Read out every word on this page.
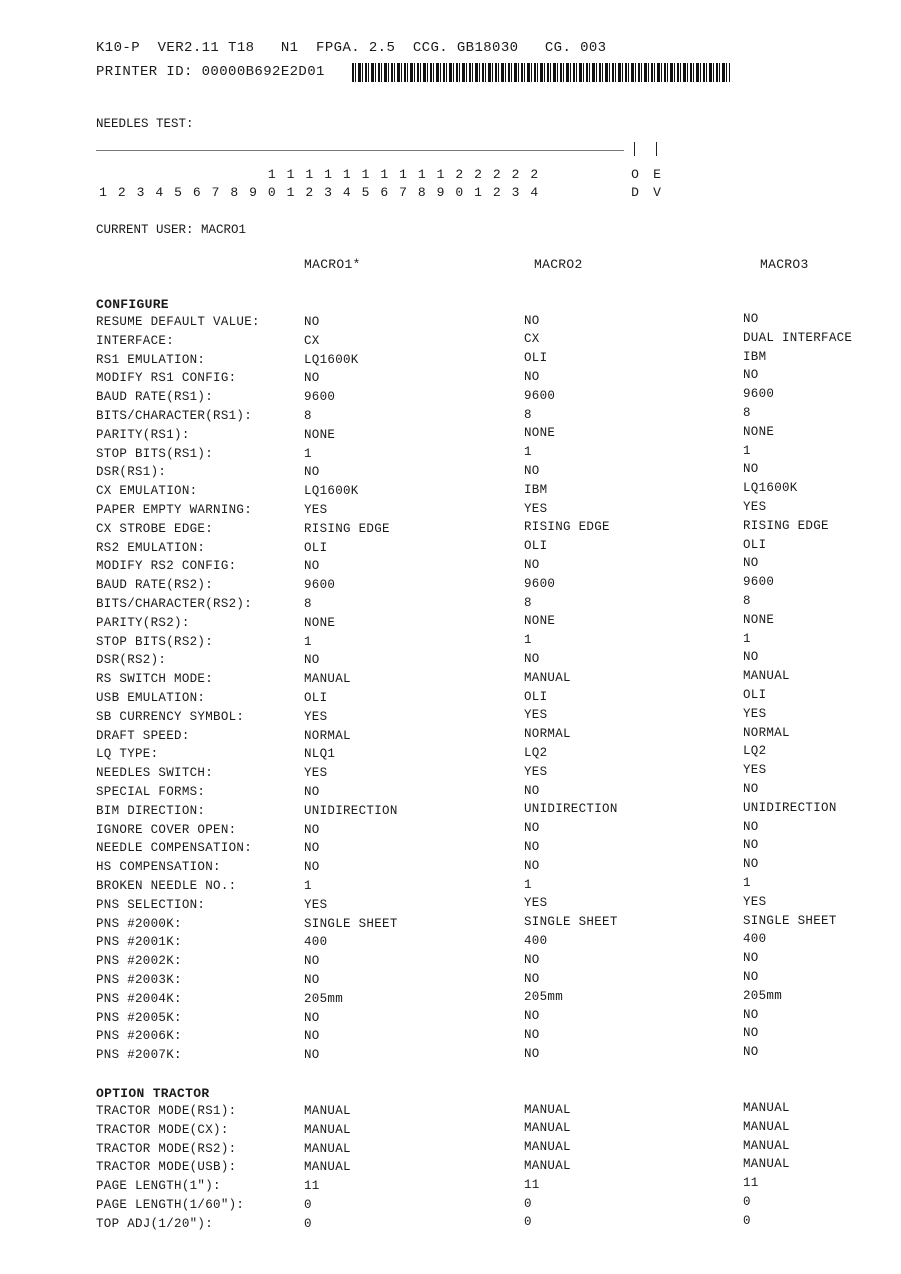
K10-P  VER2.11 T18   N1  FPGA. 2.5  CCG. GB18030   CG. 003
PRINTER ID: 00000B692E2D01
NEEDLES TEST:
1 2 3 4 5 6 7 8 9
1
0
1
1
1
2
1
3
1
4
1
5
1
6
1
7
1
8
1
9
2
0
2
1
2
2
2
3
2
4
O E
D V
CURRENT USER: MACRO1
MACRO1*	MACRO2	MACRO3
CONFIGURE
RESUME DEFAULT VALUE:	NO	NO	NO
INTERFACE:	CX	CX	DUAL INTERFACE
RS1 EMULATION:	LQ1600K	OLI	IBM
MODIFY RS1 CONFIG:	NO	NO	NO
BAUD RATE(RS1):	9600	9600	9600
BITS/CHARACTER(RS1):	8	8	8
PARITY(RS1):	NONE	NONE	NONE
STOP BITS(RS1):	1	1	1
DSR(RS1):	NO	NO	NO
CX EMULATION:	LQ1600K	IBM	LQ1600K
PAPER EMPTY WARNING:	YES	YES	YES
CX STROBE EDGE:	RISING EDGE	RISING EDGE	RISING EDGE
RS2 EMULATION:	OLI	OLI	OLI
MODIFY RS2 CONFIG:	NO	NO	NO
BAUD RATE(RS2):	9600	9600	9600
BITS/CHARACTER(RS2):	8	8	8
PARITY(RS2):	NONE	NONE	NONE
STOP BITS(RS2):	1	1	1
DSR(RS2):	NO	NO	NO
RS SWITCH MODE:	MANUAL	MANUAL	MANUAL
USB EMULATION:	OLI	OLI	OLI
SB CURRENCY SYMBOL:	YES	YES	YES
DRAFT SPEED:	NORMAL	NORMAL	NORMAL
LQ TYPE:	NLQ1	LQ2	LQ2
NEEDLES SWITCH:	YES	YES	YES
SPECIAL FORMS:	NO	NO	NO
BIM DIRECTION:	UNIDIRECTION	UNIDIRECTION	UNIDIRECTION
IGNORE COVER OPEN:	NO	NO	NO
NEEDLE COMPENSATION:	NO	NO	NO
HS COMPENSATION:	NO	NO	NO
BROKEN NEEDLE NO.:	1	1	1
PNS SELECTION:	YES	YES	YES
PNS #2000K:	SINGLE SHEET	SINGLE SHEET	SINGLE SHEET
PNS #2001K:	400	400	400
PNS #2002K:	NO	NO	NO
PNS #2003K:	NO	NO	NO
PNS #2004K:	205mm	205mm	205mm
PNS #2005K:	NO	NO	NO
PNS #2006K:	NO	NO	NO
PNS #2007K:	NO	NO	NO
OPTION TRACTOR
TRACTOR MODE(RS1):	MANUAL	MANUAL	MANUAL
TRACTOR MODE(CX):	MANUAL	MANUAL	MANUAL
TRACTOR MODE(RS2):	MANUAL	MANUAL	MANUAL
TRACTOR MODE(USB):	MANUAL	MANUAL	MANUAL
PAGE LENGTH(1"):	11	11	11
PAGE LENGTH(1/60"):	0	0	0
TOP ADJ(1/20"):	0	0	0
